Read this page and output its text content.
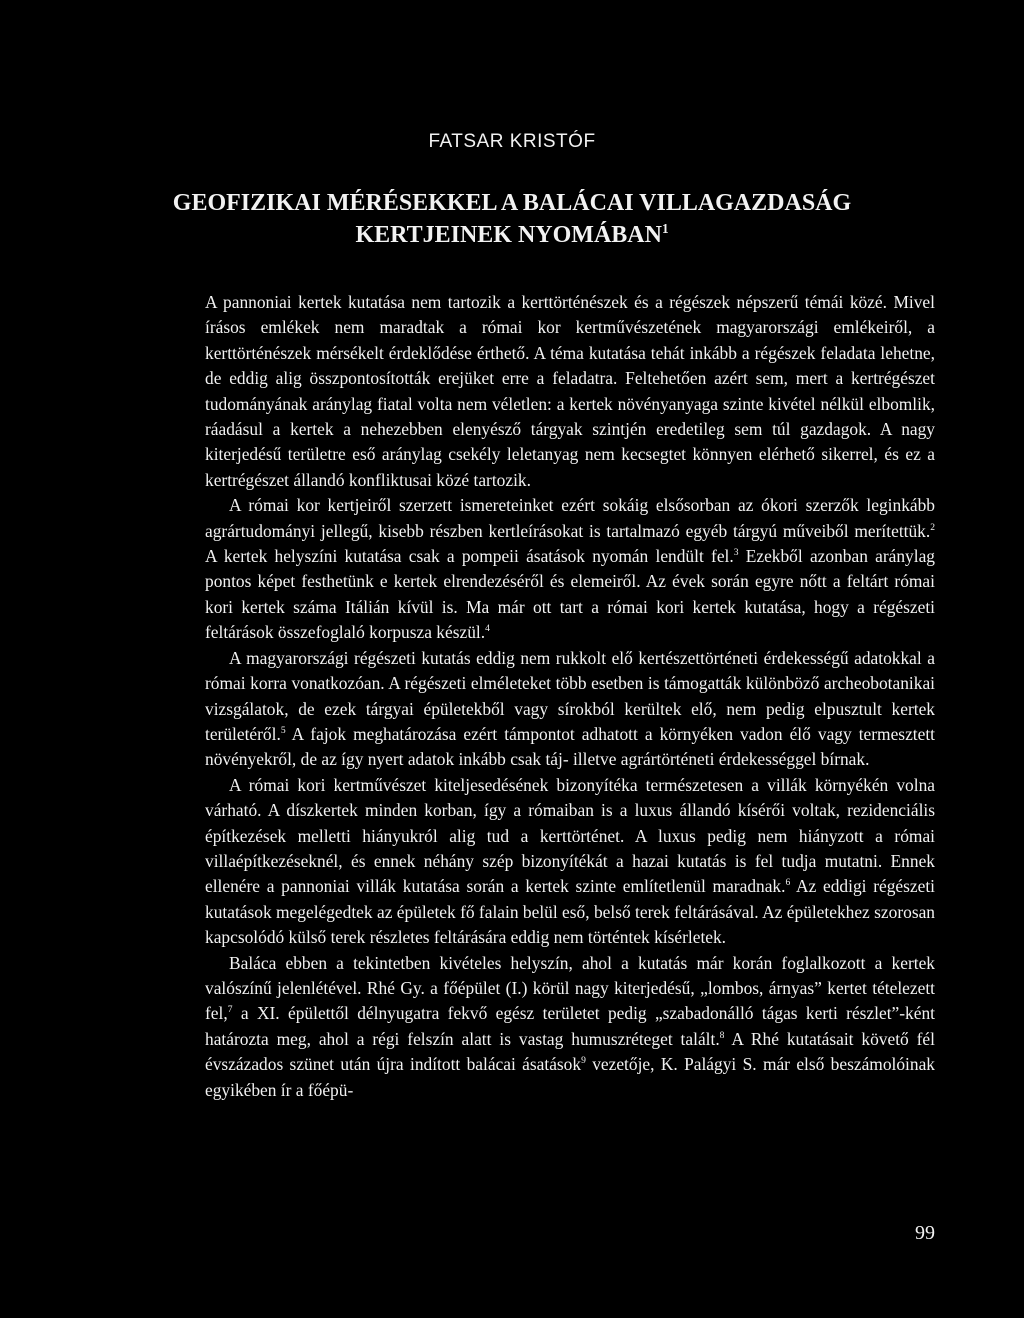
FATSAR KRISTÓF
GEOFIZIKAI MÉRÉSEKKEL A BALÁCAI VILLAGAZDASÁG KERTJEINEK NYOMÁBAN$^1$

A pannoniai kertek kutatása nem tartozik a kerttörténészek és a régészek népszerű témái közé. Mivel írásos emlékek nem maradtak a római kor kertművészetének magyarországi emlékeiről, a kerttörténészek mérsékelt érdeklődése érthető. A téma kutatása tehát inkább a régészek feladata lehetne, de eddig alig összpontosították erejüket erre a feladatra. Feltehetően azért sem, mert a kertrégészet tudományának aránylag fiatal volta nem véletlen: a kertek növényanyaga szinte kivétel nélkül elbomlik, ráadásul a kertek a nehezebben elenyésző tárgyak szintjén eredetileg sem túl gazdagok. A nagy kiterjedésű területre eső aránylag csekély leletanyag nem kecsegtet könnyen elérhető sikerrel, és ez a kertrégészet állandó konfliktusai közé tartozik.

A római kor kertjeiről szerzett ismereteinket ezért sokáig elsősorban az ókori szerzők leginkább agrártudományi jellegű, kisebb részben kertleírásokat is tartalmazó egyéb tárgyú műveiből merítettük.$^2$ A kertek helyszíni kutatása csak a pompeii ásatások nyomán lendült fel.$^3$ Ezekből azonban aránylag pontos képet festhetünk e kertek elrendezéséről és elemeiről. Az évek során egyre nőtt a feltárt római kori kertek száma Itálián kívül is. Ma már ott tart a római kori kertek kutatása, hogy a régészeti feltárások összefoglaló korpusza készül.$^4$

A magyarországi régészeti kutatás eddig nem rukkolt elő kertészettörténeti érdekességű adatokkal a római korra vonatkozóan. A régészeti elméleteket több esetben is támogatták különböző archeobotanikai vizsgálatok, de ezek tárgyai épületekből vagy sírokból kerültek elő, nem pedig elpusztult kertek területéről.$^5$ A fajok meghatározása ezért támpontot adhatott a környéken vadon élő vagy termesztett növényekről, de az így nyert adatok inkább csak táj- illetve agrártörténeti érdekességgel bírnak.

A római kori kertművészet kiteljesedésének bizonyítéka természetesen a villák környékén volna várható. A díszkertek minden korban, így a rómaiban is a luxus állandó kísérői voltak, rezidenciális építkezések melletti hiányukról alig tud a kerttörténet. A luxus pedig nem hiányzott a római villaépítkezéseknél, és ennek néhány szép bizonyítékát a hazai kutatás is fel tudja mutatni. Ennek ellenére a pannoniai villák kutatása során a kertek szinte említetlenül maradnak.$^6$ Az eddigi régészeti kutatások megelégedtek az épületek fő falain belül eső, belső terek feltárásával. Az épületekhez szorosan kapcsolódó külső terek részletes feltárására eddig nem történtek kísérletek.

Baláca ebben a tekintetben kivételes helyszín, ahol a kutatás már korán foglalkozott a kertek valószínű jelenlétével. Rhé Gy. a főépület (I.) körül nagy kiterjedésű, „lombos, árnyas” kertet tételezett fel,$^7$ a XI. épülettől délnyugatra fekvő egész területet pedig „szabadonálló tágas kerti részlet”-ként határozta meg, ahol a régi felszín alatt is vastag humuszréteget talált.$^8$ A Rhé kutatásait követő fél évszázados szünet után újra indított balácai ásatások$^9$ vezetője, K. Palágyi S. már első beszámolóinak egyikében ír a főépü-

99
